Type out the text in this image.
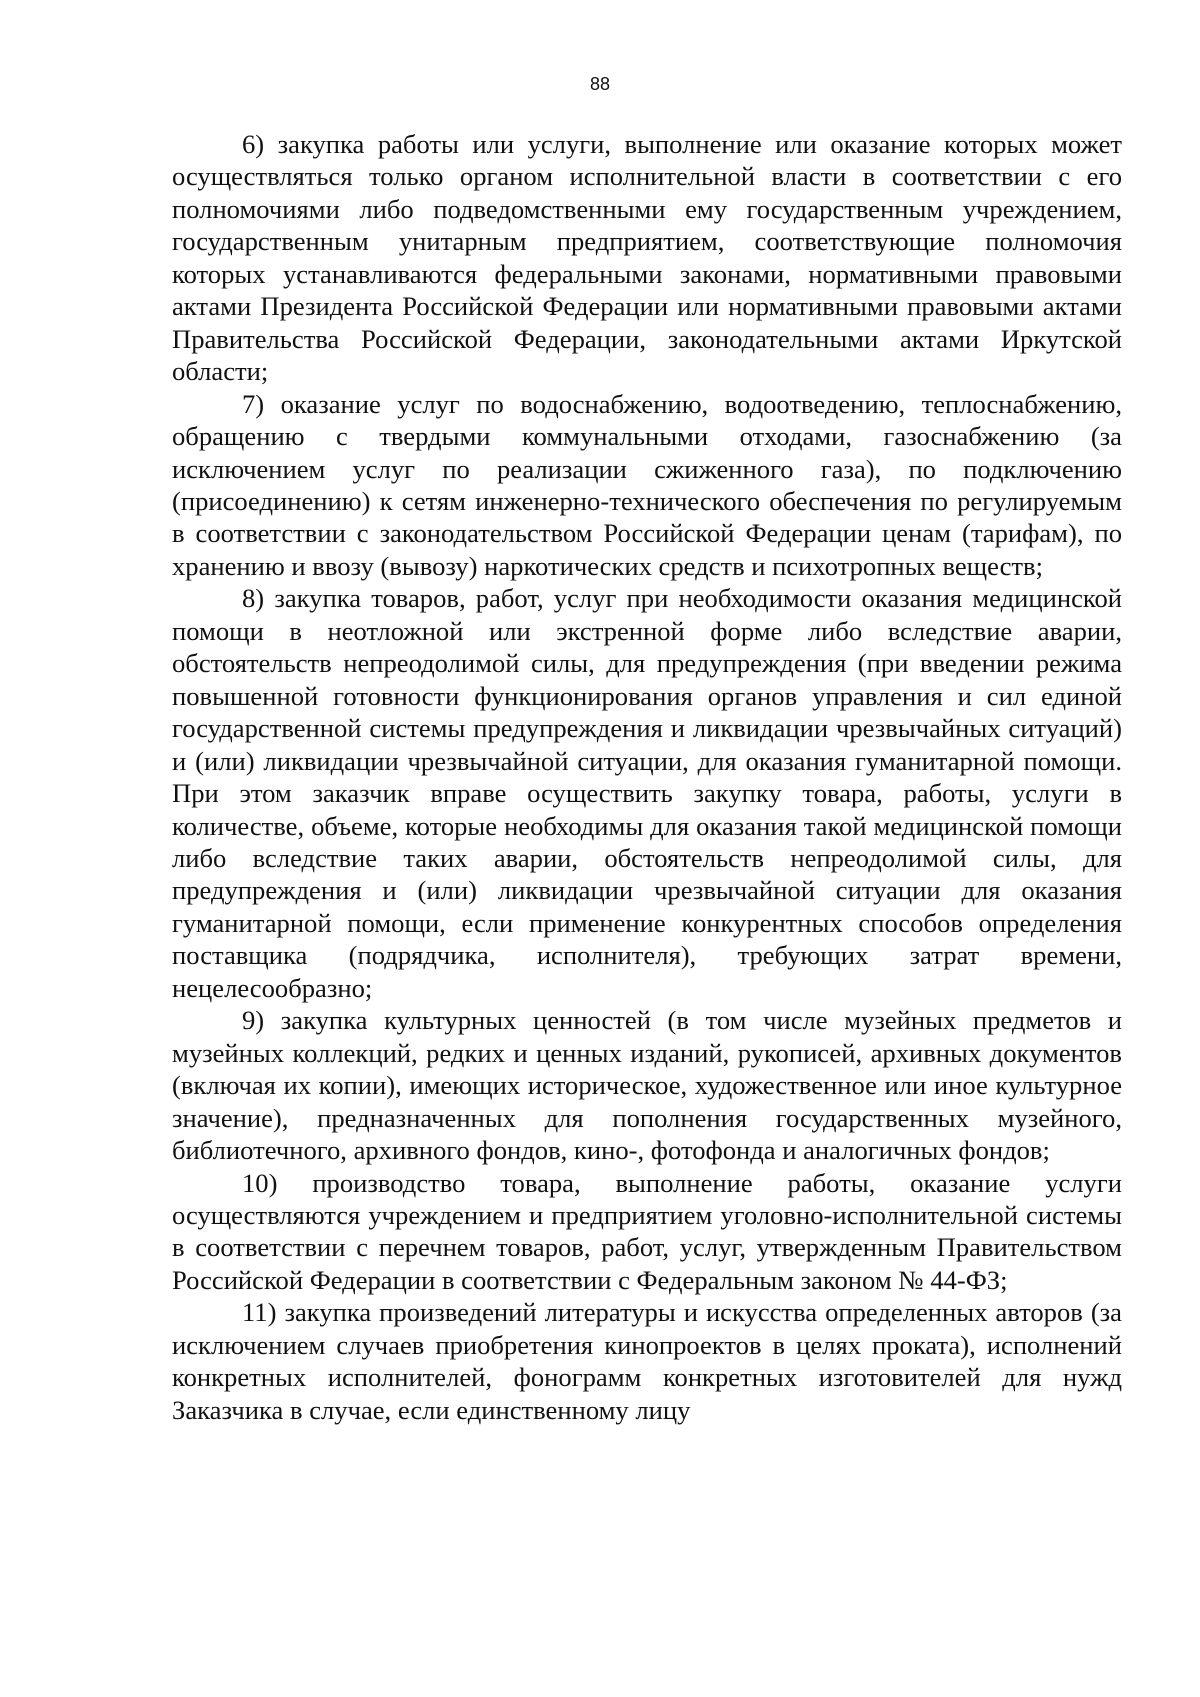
88

6) закупка работы или услуги, выполнение или оказание которых может осуществляться только органом исполнительной власти в соответствии с его полномочиями либо подведомственными ему государственным учреждением, государственным унитарным предприятием, соответствующие полномочия которых устанавливаются федеральными законами, нормативными правовыми актами Президента Российской Федерации или нормативными правовыми актами Правительства Российской Федерации, законодательными актами Иркутской области;

7) оказание услуг по водоснабжению, водоотведению, теплоснабжению, обращению с твердыми коммунальными отходами, газоснабжению (за исключением услуг по реализации сжиженного газа), по подключению (присоединению) к сетям инженерно-технического обеспечения по регулируемым в соответствии с законодательством Российской Федерации ценам (тарифам), по хранению и ввозу (вывозу) наркотических средств и психотропных веществ;

8) закупка товаров, работ, услуг при необходимости оказания медицинской помощи в неотложной или экстренной форме либо вследствие аварии, обстоятельств непреодолимой силы, для предупреждения (при введении режима повышенной готовности функционирования органов управления и сил единой государственной системы предупреждения и ликвидации чрезвычайных ситуаций) и (или) ликвидации чрезвычайной ситуации, для оказания гуманитарной помощи. При этом заказчик вправе осуществить закупку товара, работы, услуги в количестве, объеме, которые необходимы для оказания такой медицинской помощи либо вследствие таких аварии, обстоятельств непреодолимой силы, для предупреждения и (или) ликвидации чрезвычайной ситуации для оказания гуманитарной помощи, если применение конкурентных способов определения поставщика (подрядчика, исполнителя), требующих затрат времени, нецелесообразно;

9) закупка культурных ценностей (в том числе музейных предметов и музейных коллекций, редких и ценных изданий, рукописей, архивных документов (включая их копии), имеющих историческое, художественное или иное культурное значение), предназначенных для пополнения государственных музейного, библиотечного, архивного фондов, кино-, фотофонда и аналогичных фондов;

10) производство товара, выполнение работы, оказание услуги осуществляются учреждением и предприятием уголовно-исполнительной системы в соответствии с перечнем товаров, работ, услуг, утвержденным Правительством Российской Федерации в соответствии с Федеральным законом № 44-ФЗ;

11) закупка произведений литературы и искусства определенных авторов (за исключением случаев приобретения кинопроектов в целях проката), исполнений конкретных исполнителей, фонограмм конкретных изготовителей для нужд Заказчика в случае, если единственному лицу
